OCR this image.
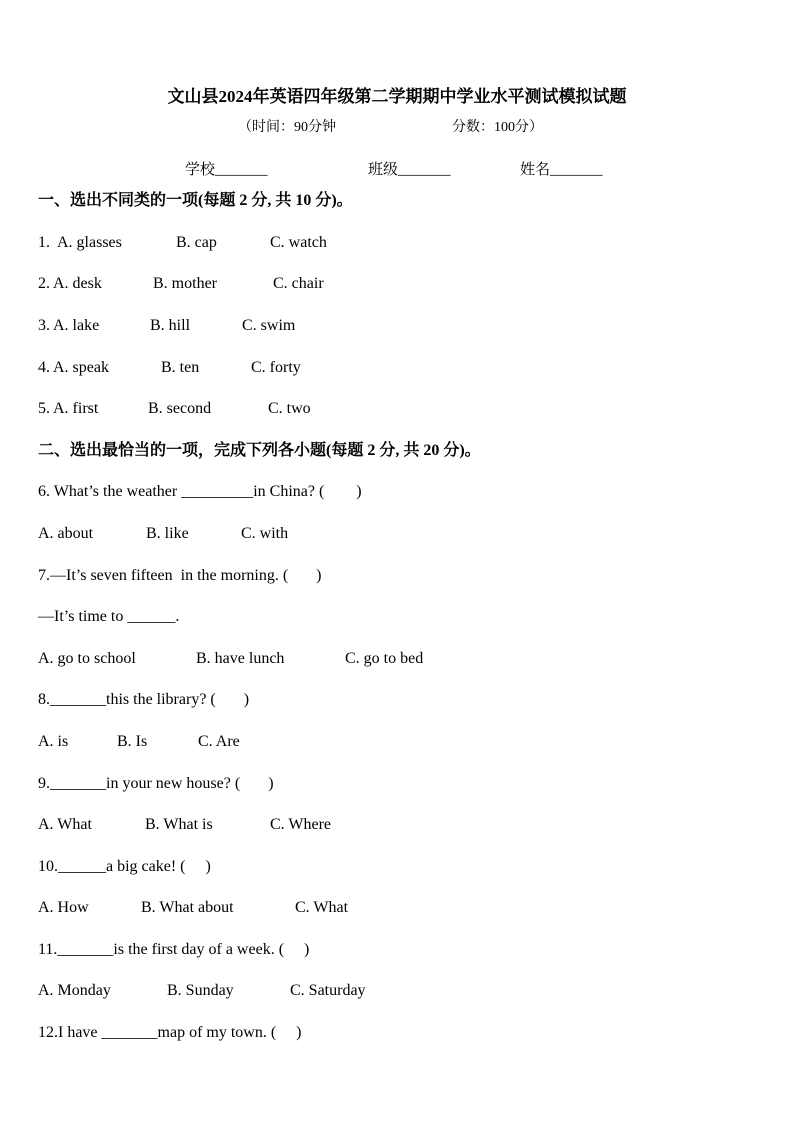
文山县2024年英语四年级第二学期期中学业水平测试模拟试题
（时间：90分钟	分数：100分）
学校_______	班级_______	姓名_______
一、选出不同类的一项(每题 2 分, 共 10 分)。
1. A. glasses	B. cap	C. watch
2. A. desk	B. mother	C. chair
3. A. lake	B. hill	C. swim
4. A. speak	B. ten	C. forty
5. A. first	B. second	C. two
二、选出最恰当的一项，完成下列各小题(每题 2 分, 共 20 分)。
6. What’s the weather _________in China? (        )
A. about	B. like	C. with
7.—It’s seven fifteen  in the morning. (       )
—It’s time to ______.
A. go to school	B. have lunch	C. go to bed
8._______this the library? (       )
A. is	B. Is	C. Are
9._______in your new house? (       )
A. What	B. What is	C. Where
10.______a big cake! (     )
A. How	B. What about	C. What
11._______is the first day of a week. (     )
A. Monday	B. Sunday	C. Saturday
12.I have _______map of my town. (     )
